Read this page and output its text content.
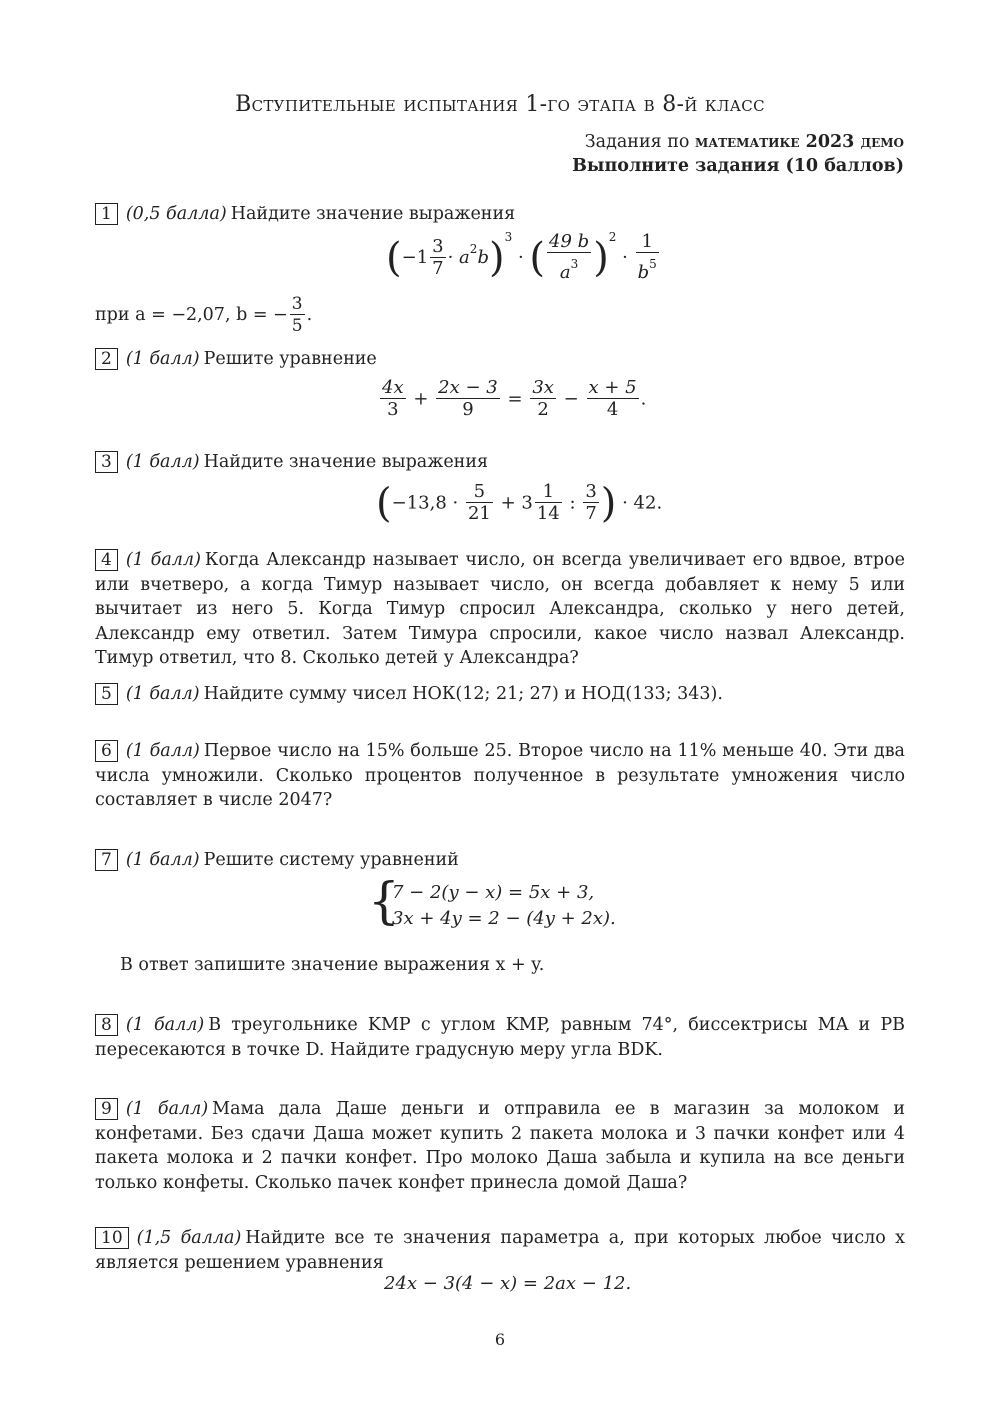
Вступительные испытания 1-го этапа в 8-й класс
Задания по математике 2023 демо
Выполните задания (10 баллов)
1 (0,5 балла) Найдите значение выражения
$(-1 \frac{3}{7} \cdot a^2b)^3$ · ( $\frac{49 b}{a^3} )^2 \cdot \frac{1}{b^5}$
при a = −2,07, b = − $\frac{3}{5}$ .
2 (1 балл) Решите уравнение
$\frac{4x}{3} + \frac{2x - 3}{9} = \frac{3x}{2} - \frac{x + 5}{4}$ .
3 (1 балл) Найдите значение выражения
($-13,8 \cdot \frac{5}{21} + 3 \frac{1}{14}$ : $\frac{3}{7}$ ) · 42.
4 (1 балл) Когда Александр называет число, он всегда увеличивает его вдвое, втрое или вчетверо, а когда Тимур называет число, он всегда добавляет к нему 5 или вычитает из него 5. Когда Тимур спросил Александра, сколько у него детей, Александр ему ответил. Затем Тимура спросили, какое число назвал Александр. Тимур ответил, что 8. Сколько детей у Александра?
5 (1 балл) Найдите сумму чисел НОК(12; 21; 27) и НОД(133; 343).
6 (1 балл) Первое число на 15% больше 25. Второе число на 11% меньше 40. Эти два числа умножили. Сколько процентов полученное в результате умножения число составляет в числе 2047?
7 (1 балл) Решите систему уравнений
{
7 − 2(y − x) = 5x + 3,
3x + 4y = 2 − (4y + 2x).
В ответ запишите значение выражения x + y.
8 (1 балл) В треугольнике KMP с углом KMP, равным 74°, биссектрисы MA и PB пересекаются в точке D. Найдите градусную меру угла BDK.
9 (1 балл) Мама дала Даше деньги и отправила ее в магазин за молоком и конфетами. Без сдачи Даша может купить 2 пакета молока и 3 пачки конфет или 4 пакета молока и 2 пачки конфет. Про молоко Даша забыла и купила на все деньги только конфеты. Сколько пачек конфет принесла домой Даша?
10 (1,5 балла) Найдите все те значения параметра a, при которых любое число x является решением уравнения
24x − 3(4 − x) = 2ax − 12.
6
